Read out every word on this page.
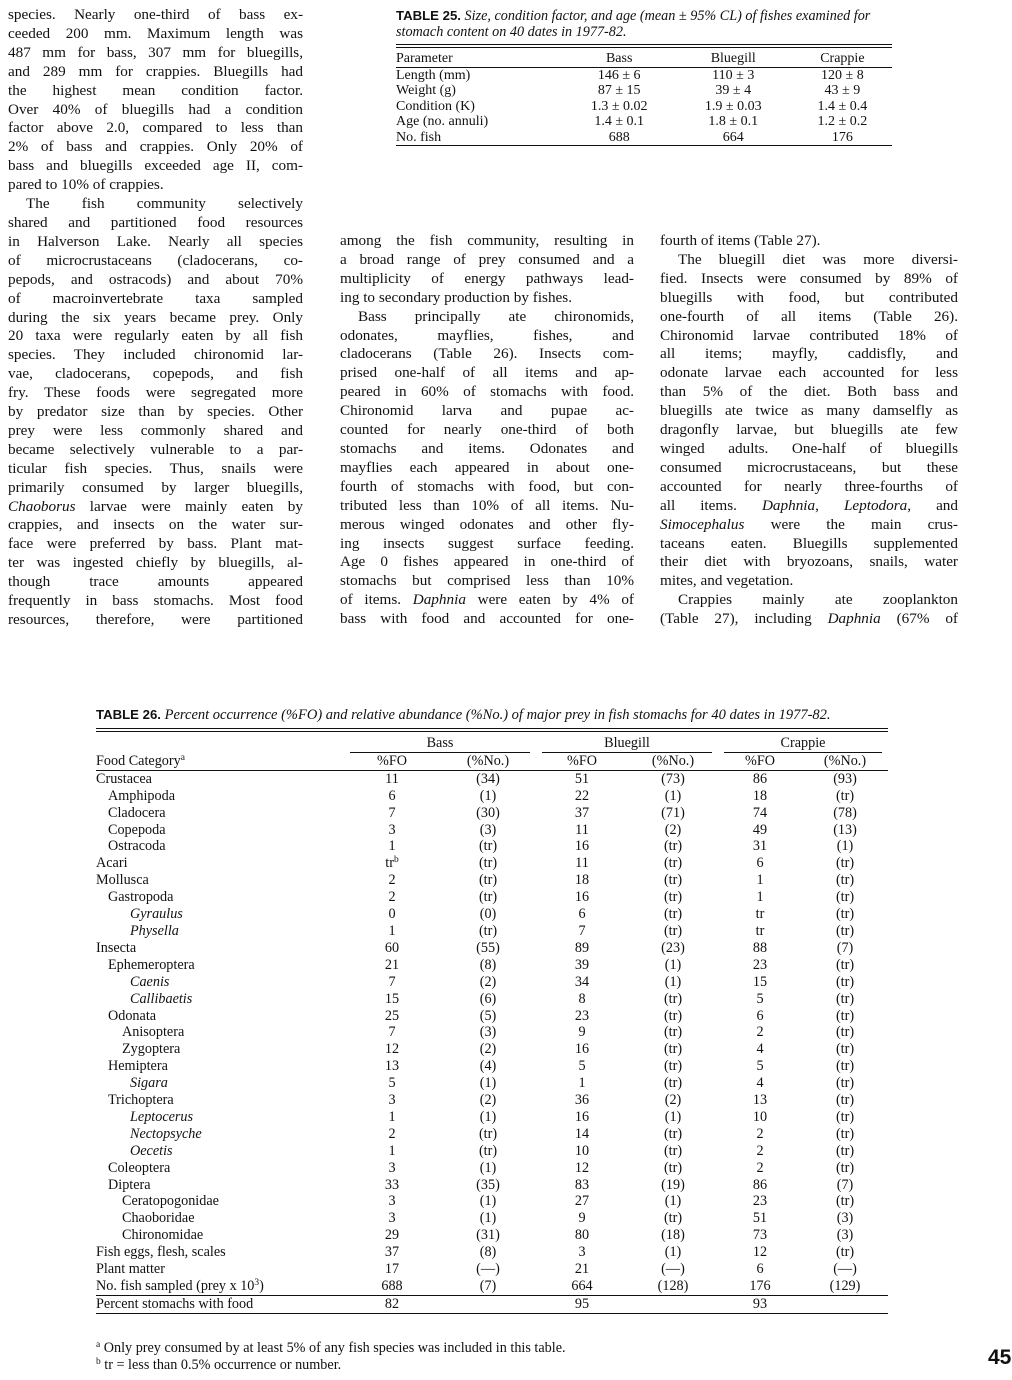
species. Nearly one-third of bass ex-
ceeded 200 mm. Maximum length was
487 mm for bass, 307 mm for bluegills,
and 289 mm for crappies. Bluegills had
the highest mean condition factor.
Over 40% of bluegills had a condition
factor above 2.0, compared to less than
2% of bass and crappies. Only 20% of
bass and bluegills exceeded age II, com-
pared to 10% of crappies.
The fish community selectively
shared and partitioned food resources
in Halverson Lake. Nearly all species
of microcrustaceans (cladocerans, co-
pepods, and ostracods) and about 70%
of macroinvertebrate taxa sampled
during the six years became prey. Only
20 taxa were regularly eaten by all fish
species. They included chironomid lar-
vae, cladocerans, copepods, and fish
fry. These foods were segregated more
by predator size than by species. Other
prey were less commonly shared and
became selectively vulnerable to a par-
ticular fish species. Thus, snails were
primarily consumed by larger bluegills,
Chaoborus larvae were mainly eaten by
crappies, and insects on the water sur-
face were preferred by bass. Plant mat-
ter was ingested chiefly by bluegills, al-
though trace amounts appeared
frequently in bass stomachs. Most food
resources, therefore, were partitioned
among the fish community, resulting in
a broad range of prey consumed and a
multiplicity of energy pathways lead-
ing to secondary production by fishes.
Bass principally ate chironomids,
odonates, mayflies, fishes, and
cladocerans (Table 26). Insects com-
prised one-half of all items and ap-
peared in 60% of stomachs with food.
Chironomid larva and pupae ac-
counted for nearly one-third of both
stomachs and items. Odonates and
mayflies each appeared in about one-
fourth of stomachs with food, but con-
tributed less than 10% of all items. Nu-
merous winged odonates and other fly-
ing insects suggest surface feeding.
Age 0 fishes appeared in one-third of
stomachs but comprised less than 10%
of items. Daphnia were eaten by 4% of
bass with food and accounted for one-
fourth of items (Table 27).
The bluegill diet was more diversi-
fied. Insects were consumed by 89% of
bluegills with food, but contributed
one-fourth of all items (Table 26).
Chironomid larvae contributed 18% of
all items; mayfly, caddisfly, and
odonate larvae each accounted for less
than 5% of the diet. Both bass and
bluegills ate twice as many damselfly as
dragonfly larvae, but bluegills ate few
winged adults. One-half of bluegills
consumed microcrustaceans, but these
accounted for nearly three-fourths of
all items. Daphnia, Leptodora, and
Simocephalus were the main crus-
taceans eaten. Bluegills supplemented
their diet with bryozoans, snails, water
mites, and vegetation.
Crappies mainly ate zooplankton
(Table 27), including Daphnia (67% of
TABLE 25. Size, condition factor, and age (mean ± 95% CL) of fishes examined for stomach content on 40 dates in 1977-82.
Parameter	Bass	Bluegill	Crappie
Length (mm)	146 ± 6	110 ± 3	120 ± 8
Weight (g)	87 ± 15	39 ± 4	43 ± 9
Condition (K)	1.3 ± 0.02	1.9 ± 0.03	1.4 ± 0.4
Age (no. annuli)	1.4 ± 0.1	1.8 ± 0.1	1.2 ± 0.2
No. fish	688	664	176
TABLE 26. Percent occurrence (%FO) and relative abundance (%No.) of major prey in fish stomachs for 40 dates in 1977-82.

	Bass		Bluegill		Crappie	

Food Category$^a$	%FO	(%No.)	%FO	(%No.)	%FO	(%No.)
Crustacea	11	(34)	51	(73)	86	(93)
Amphipoda	6	(1)	22	(1)	18	(tr)
Cladocera	7	(30)	37	(71)	74	(78)
Copepoda	3	(3)	11	(2)	49	(13)
Ostracoda	1	(tr)	16	(tr)	31	(1)
Acari	$tr^b$	(tr)	11	(tr)	6	(tr)
Mollusca	2	(tr)	18	(tr)	1	(tr)
Gastropoda	2	(tr)	16	(tr)	1	(tr)
Gyraulus	0	(0)	6	(tr)	tr	(tr)
Physella	1	(tr)	7	(tr)	tr	(tr)
Insecta	60	(55)	89	(23)	88	(7)
Ephemeroptera	21	(8)	39	(1)	23	(tr)
Caenis	7	(2)	34	(1)	15	(tr)
Callibaetis	15	(6)	8	(tr)	5	(tr)
Odonata	25	(5)	23	(tr)	6	(tr)
Anisoptera	7	(3)	9	(tr)	2	(tr)
Zygoptera	12	(2)	16	(tr)	4	(tr)
Hemiptera	13	(4)	5	(tr)	5	(tr)
Sigara	5	(1)	1	(tr)	4	(tr)
Trichoptera	3	(2)	36	(2)	13	(tr)
Leptocerus	1	(1)	16	(1)	10	(tr)
Nectopsyche	2	(tr)	14	(tr)	2	(tr)
Oecetis	1	(tr)	10	(tr)	2	(tr)
Coleoptera	3	(1)	12	(tr)	2	(tr)
Diptera	33	(35)	83	(19)	86	(7)
Ceratopogonidae	3	(1)	27	(1)	23	(tr)
Chaoboridae	3	(1)	9	(tr)	51	(3)
Chironomidae	29	(31)	80	(18)	73	(3)
Fish eggs, flesh, scales	37	(8)	3	(1)	12	(tr)
Plant matter	17	(—)	21	(—)	6	(—)
No. fish sampled (prey x $10^3$)	688	(7)	664	(128)	176	(129)
Percent stomachs with food	82		95		93	
$^a$ Only prey consumed by at least 5% of any fish species was included in this table.
$^b$ tr = less than 0.5% occurrence or number.	45
